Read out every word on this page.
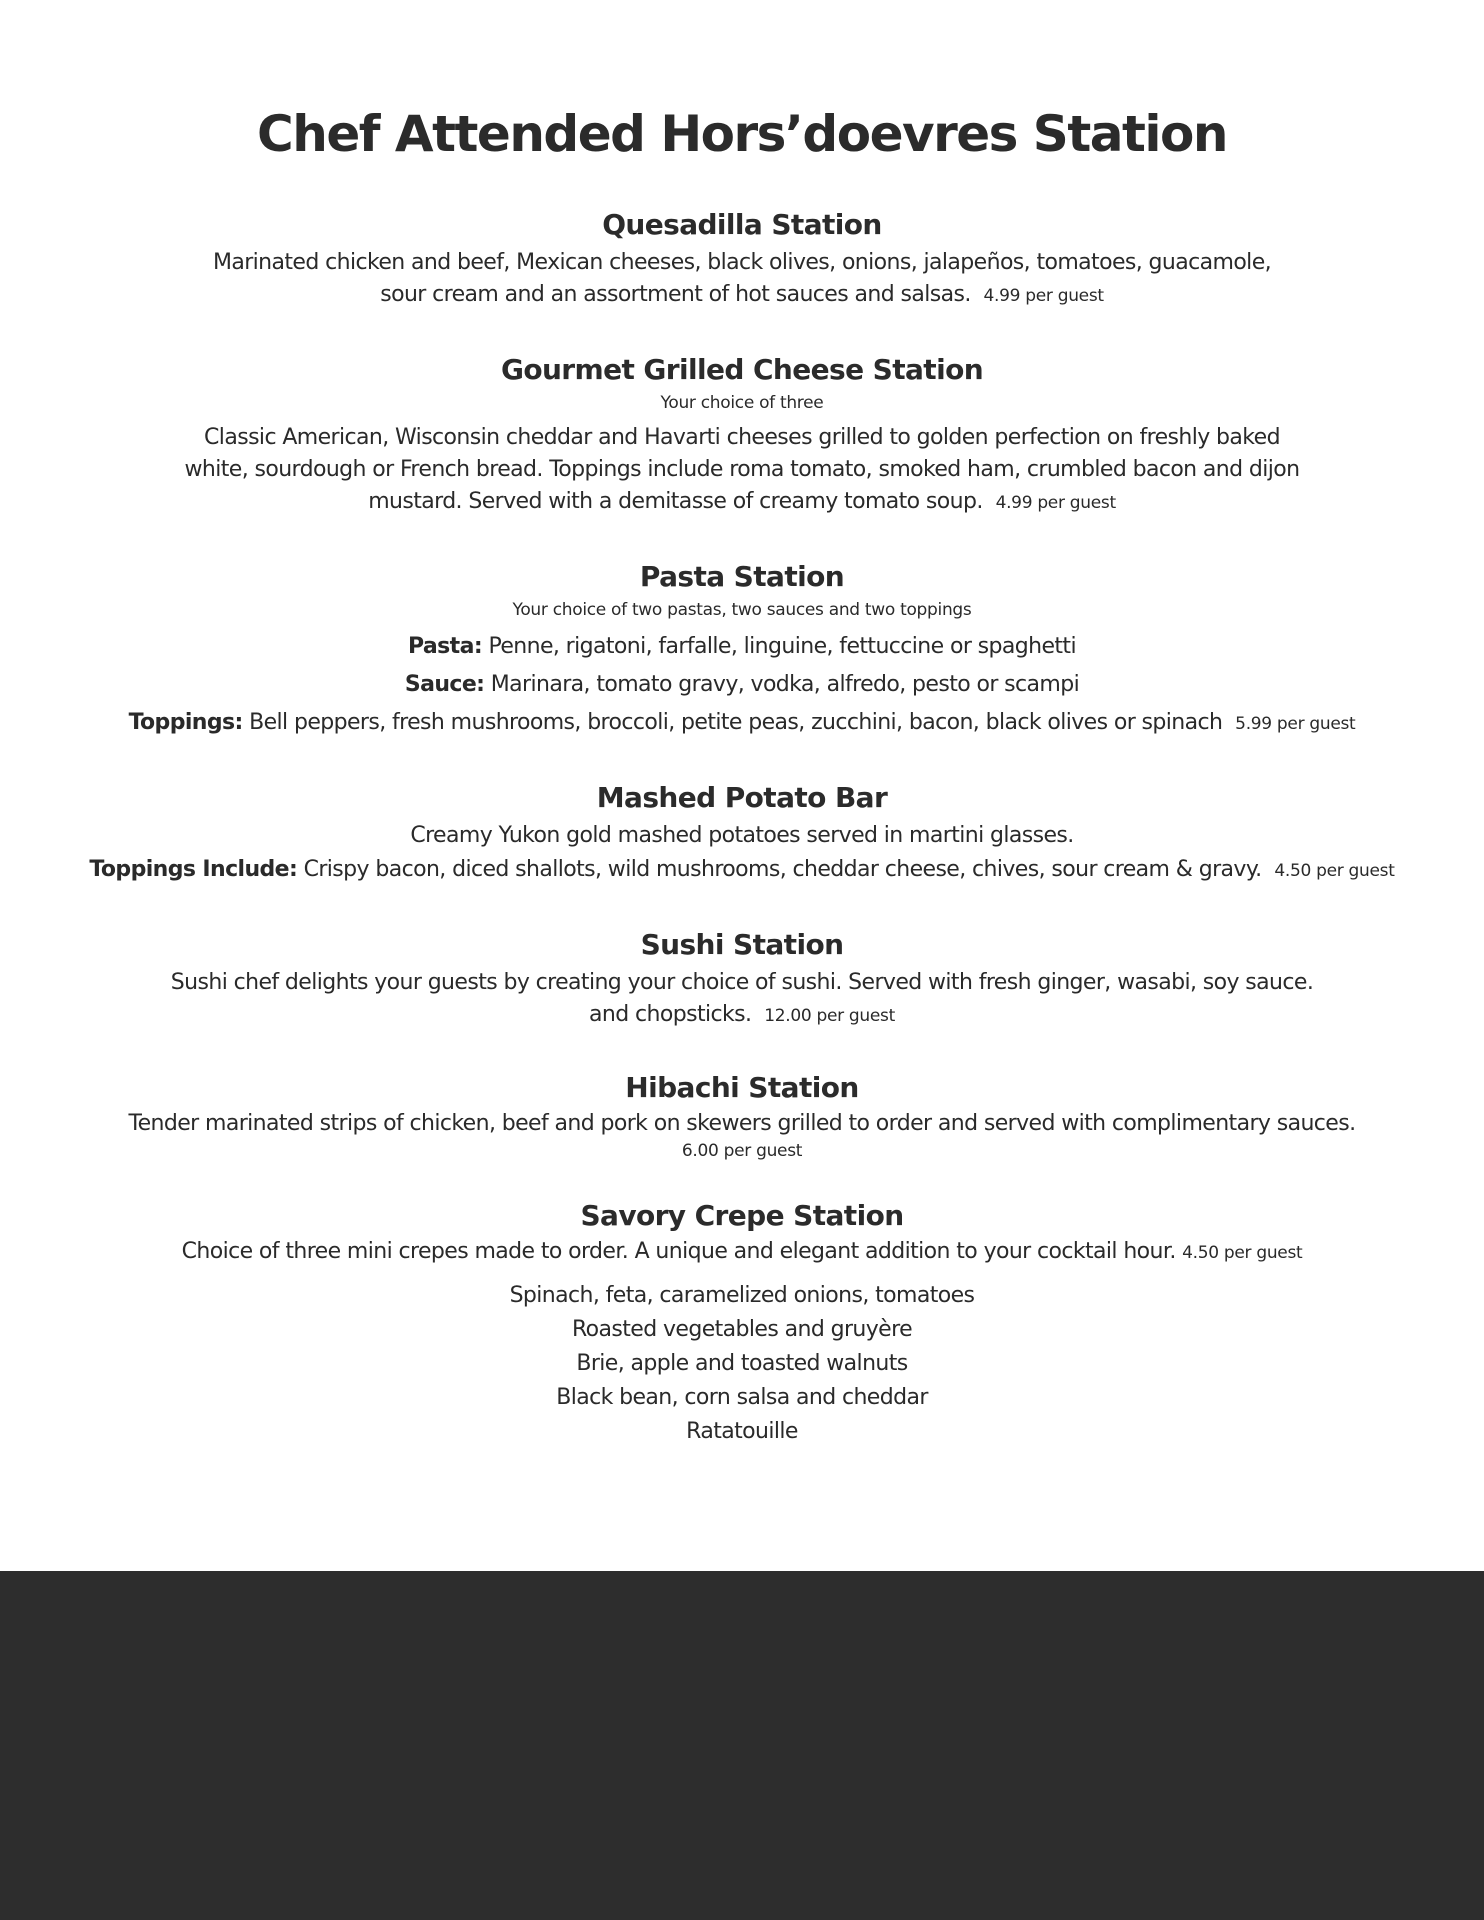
Chef Attended Hors’doevres Station
Quesadilla Station
Marinated chicken and beef, Mexican cheeses, black olives, onions, jalapeños, tomatoes, guacamole,
sour cream and an assortment of hot sauces and salsas. 4.99 per guest
Gourmet Grilled Cheese Station
Your choice of three
Classic American, Wisconsin cheddar and Havarti cheeses grilled to golden perfection on freshly baked
white, sourdough or French bread. Toppings include roma tomato, smoked ham, crumbled bacon and dijon
mustard. Served with a demitasse of creamy tomato soup. 4.99 per guest
Pasta Station
Your choice of two pastas, two sauces and two toppings
Pasta: Penne, rigatoni, farfalle, linguine, fettuccine or spaghetti
Sauce: Marinara, tomato gravy, vodka, alfredo, pesto or scampi
Toppings: Bell peppers, fresh mushrooms, broccoli, petite peas, zucchini, bacon, black olives or spinach 5.99 per guest
Mashed Potato Bar
Creamy Yukon gold mashed potatoes served in martini glasses.
Toppings Include: Crispy bacon, diced shallots, wild mushrooms, cheddar cheese, chives, sour cream & gravy. 4.50 per guest
Sushi Station
Sushi chef delights your guests by creating your choice of sushi. Served with fresh ginger, wasabi, soy sauce.
and chopsticks. 12.00 per guest
Hibachi Station
Tender marinated strips of chicken, beef and pork on skewers grilled to order and served with complimentary sauces.
6.00 per guest
Savory Crepe Station
Choice of three mini crepes made to order. A unique and elegant addition to your cocktail hour. 4.50 per guest
Spinach, feta, caramelized onions, tomatoes
Roasted vegetables and gruyère
Brie, apple and toasted walnuts
Black bean, corn salsa and cheddar
Ratatouille
